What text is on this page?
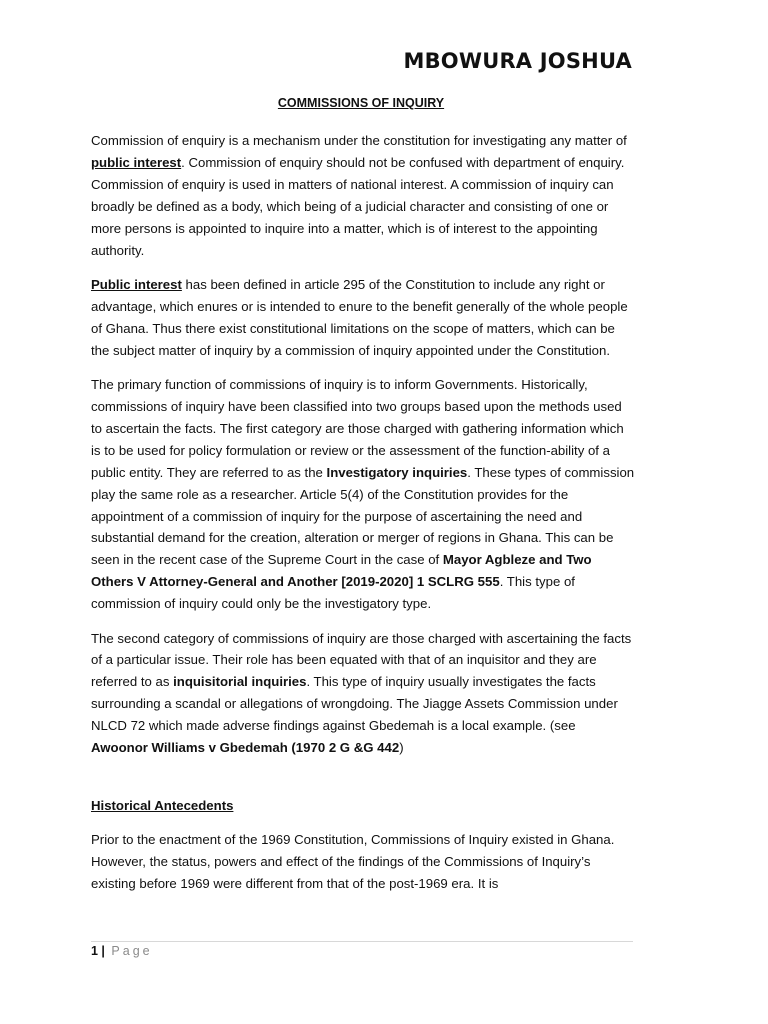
MBOWURA JOSHUA
COMMISSIONS OF INQUIRY

Commission of enquiry is a mechanism under the constitution for investigating any matter of public interest. Commission of enquiry should not be confused with department of enquiry. Commission of enquiry is used in matters of national interest. A commission of inquiry can broadly be defined as a body, which being of a judicial character and consisting of one or more persons is appointed to inquire into a matter, which is of interest to the appointing authority.

Public interest has been defined in article 295 of the Constitution to include any right or advantage, which enures or is intended to enure to the benefit generally of the whole people of Ghana. Thus there exist constitutional limitations on the scope of matters, which can be the subject matter of inquiry by a commission of inquiry appointed under the Constitution.

The primary function of commissions of inquiry is to inform Governments. Historically, commissions of inquiry have been classified into two groups based upon the methods used to ascertain the facts. The first category are those charged with gathering information which is to be used for policy formulation or review or the assessment of the function-ability of a public entity. They are referred to as the Investigatory inquiries. These types of commission play the same role as a researcher. Article 5(4) of the Constitution provides for the appointment of a commission of inquiry for the purpose of ascertaining the need and substantial demand for the creation, alteration or merger of regions in Ghana. This can be seen in the recent case of the Supreme Court in the case of Mayor Agbleze and Two Others V Attorney-General and Another [2019-2020] 1 SCLRG 555. This type of commission of inquiry could only be the investigatory type.

The second category of commissions of inquiry are those charged with ascertaining the facts of a particular issue. Their role has been equated with that of an inquisitor and they are referred to as inquisitorial inquiries. This type of inquiry usually investigates the facts surrounding a scandal or allegations of wrongdoing. The Jiagge Assets Commission under NLCD 72 which made adverse findings against Gbedemah is a local example. (see Awoonor Williams v Gbedemah (1970 2 G &G 442)

Historical Antecedents

Prior to the enactment of the 1969 Constitution, Commissions of Inquiry existed in Ghana. However, the status, powers and effect of the findings of the Commissions of Inquiry’s existing before 1969 were different from that of the post-1969 era. It is

1 | Page
